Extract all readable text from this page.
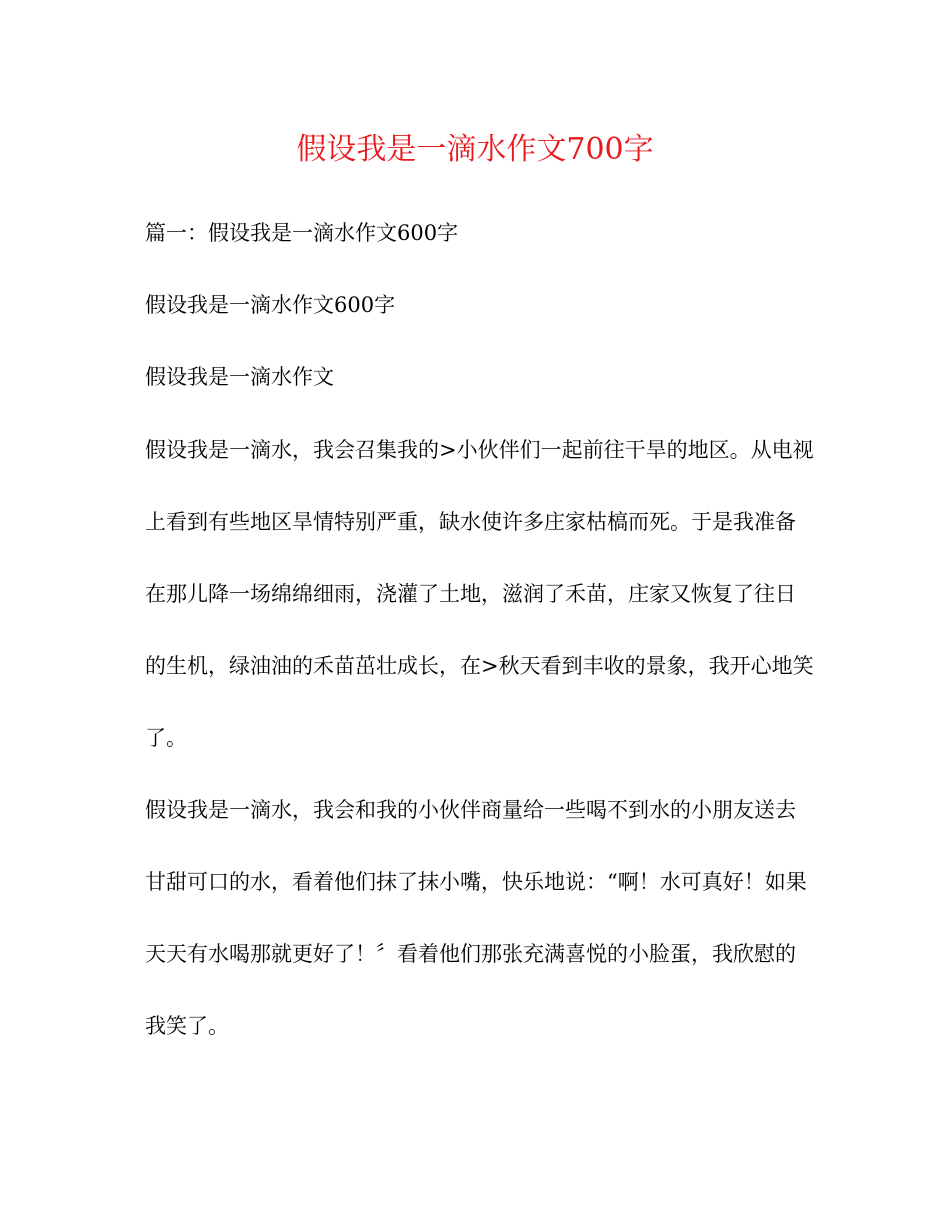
假设我是一滴水作文700字

篇一：假设我是一滴水作文600字

假设我是一滴水作文600字

假设我是一滴水作文

假设我是一滴水，我会召集我的>小伙伴们一起前往干旱的地区。从电视上看到有些地区旱情特别严重，缺水使许多庄家枯槁而死。于是我准备在那儿降一场绵绵细雨，浇灌了土地，滋润了禾苗，庄家又恢复了往日的生机，绿油油的禾苗茁壮成长，在>秋天看到丰收的景象，我开心地笑了。

假设我是一滴水，我会和我的小伙伴商量给一些喝不到水的小朋友送去甘甜可口的水，看着他们抹了抹小嘴，快乐地说：“啊！水可真好！如果天天有水喝那就更好了！〞看着他们那张充满喜悦的小脸蛋，我欣慰的我笑了。
